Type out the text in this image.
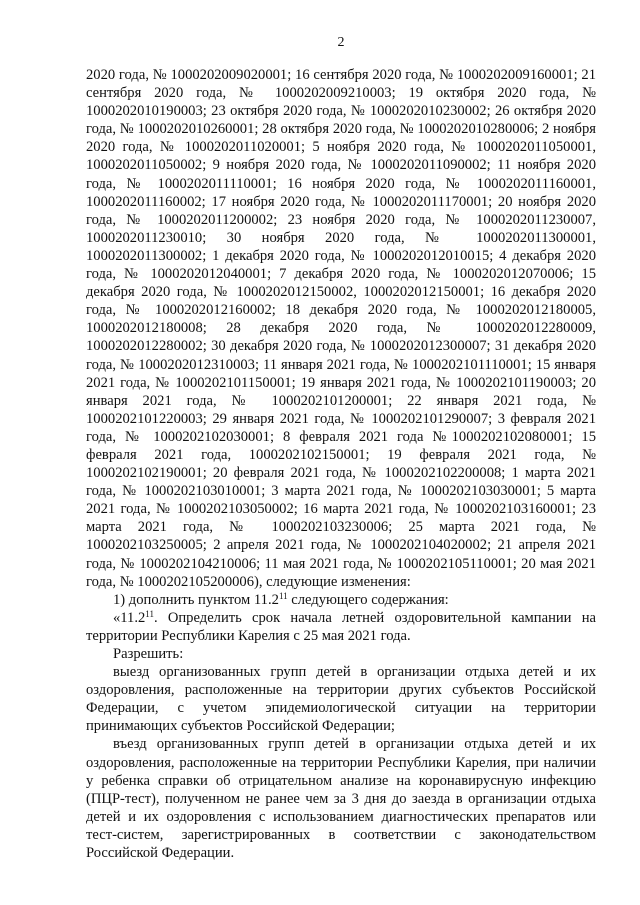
2

2020 года, № 1000202009020001; 16 сентября 2020 года, № 1000202009160001; 21 сентября 2020 года, № 1000202009210003; 19 октября 2020 года, № 1000202010190003; 23 октября 2020 года, № 1000202010230002; 26 октября 2020 года, № 1000202010260001; 28 октября 2020 года, № 1000202010280006; 2 ноября 2020 года, № 1000202011020001; 5 ноября 2020 года, № 1000202011050001, 1000202011050002; 9 ноября 2020 года, № 1000202011090002; 11 ноября 2020 года, № 1000202011110001; 16 ноября 2020 года, № 1000202011160001, 1000202011160002; 17 ноября 2020 года, № 1000202011170001; 20 ноября 2020 года, № 1000202011200002; 23 ноября 2020 года, № 1000202011230007, 1000202011230010; 30 ноября 2020 года, № 1000202011300001, 1000202011300002; 1 декабря 2020 года, № 1000202012010015; 4 декабря 2020 года, № 1000202012040001; 7 декабря 2020 года, № 1000202012070006; 15 декабря 2020 года, № 1000202012150002, 1000202012150001; 16 декабря 2020 года, № 1000202012160002; 18 декабря 2020 года, № 1000202012180005, 1000202012180008; 28 декабря 2020 года, № 1000202012280009, 1000202012280002; 30 декабря 2020 года, № 1000202012300007; 31 декабря 2020 года, № 1000202012310003; 11 января 2021 года, № 1000202101110001; 15 января 2021 года, № 1000202101150001; 19 января 2021 года, № 1000202101190003; 20 января 2021 года, № 1000202101200001; 22 января 2021 года, № 1000202101220003; 29 января 2021 года, № 1000202101290007; 3 февраля 2021 года, № 1000202102030001; 8 февраля 2021 года №1000202102080001; 15 февраля 2021 года, 1000202102150001; 19 февраля 2021 года, № 1000202102190001; 20 февраля 2021 года, № 1000202102200008; 1 марта 2021 года, № 1000202103010001; 3 марта 2021 года, № 1000202103030001; 5 марта 2021 года, № 1000202103050002; 16 марта 2021 года, № 1000202103160001; 23 марта 2021 года, № 1000202103230006; 25 марта 2021 года, № 1000202103250005; 2 апреля 2021 года, № 1000202104020002; 21 апреля 2021 года, № 1000202104210006; 11 мая 2021 года, № 1000202105110001; 20 мая 2021 года, № 1000202105200006), следующие изменения:

1) дополнить пунктом 11.2$^{11}$ следующего содержания:

«11.2$^{11}$. Определить срок начала летней оздоровительной кампании на территории Республики Карелия с 25 мая 2021 года.

Разрешить:

выезд организованных групп детей в организации отдыха детей и их оздоровления, расположенные на территории других субъектов Российской Федерации, с учетом эпидемиологической ситуации на территории принимающих субъектов Российской Федерации;

въезд организованных групп детей в организации отдыха детей и их оздоровления, расположенные на территории Республики Карелия, при наличии у ребенка справки об отрицательном анализе на коронавирусную инфекцию (ПЦР-тест), полученном не ранее чем за 3 дня до заезда в организации отдыха детей и их оздоровления с использованием диагностических препаратов или тест-систем, зарегистрированных в соответствии с законодательством Российской Федерации.
